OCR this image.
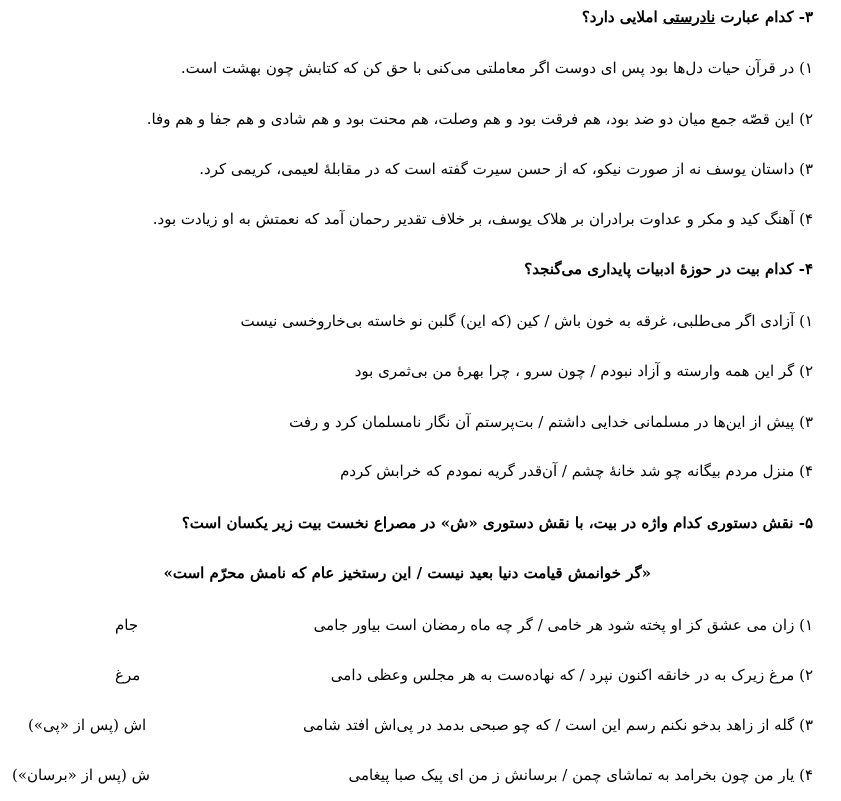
۳- کدام عبارت نادرستی املایی دارد؟
۱) در قرآن حیات دل‌ها بود پس ای دوست اگر معاملتی می‌کنی با حق کن که کتابش چون بهشت است.
۲) این قصّه جمع میان دو ضد بود، هم فرقت بود و هم وصلت، هم محنت بود و هم شادی و هم جفا و هم وفا.
۳) داستان یوسف نه از صورت نیکو، که از حسن سیرت گفته است که در مقابلهٔ لعیمی، کریمی کرد.
۴) آهنگ کید و مکر و عداوت برادران بر هلاک یوسف، بر خلاف تقدیر رحمان آمد که نعمتش به او زیادت بود.
۴- کدام بیت در حوزهٔ ادبیات پایداری می‌گنجد؟
۱) آزادی اگر می‌طلبی، غرقه به خون باش / کین (که این) گلبن نو خاسته بی‌خاروخسی نیست
۲) گر این همه وارسته و آزاد نبودم / چون سرو ، چرا بهرهٔ من بی‌ثمری بود
۳) پیش از این‌ها در مسلمانی خدایی داشتم / بت‌پرستم آن نگار نامسلمان کرد و رفت
۴) منزل مردم بیگانه چو شد خانهٔ چشم / آن‌قدر گریه نمودم که خرابش کردم
۵- نقش دستوری کدام واژه در بیت، با نقش دستوری «ش» در مصراع نخست بیت زیر یکسان است؟
«گر خوانمش قیامت دنیا بعید نیست / این رستخیز عام که نامش محرّم است»
۱) زان می عشق کز او پخته شود هر خامی / گر چه ماه رمضان است بیاور جامی
جام
۲) مرغ زیرک به در خانقه اکنون نپرد / که نهاده‌ست به هر مجلس وعظی دامی
مرغ
۳) گله از زاهد بدخو نکنم رسم این است / که چو صبحی بدمد در پی‌اش افتد شامی
اش (پس از «پی»)
۴) یار من چون بخرامد به تماشای چمن / برسانش ز من ای پیک صبا پیغامی
ش (پس از «برسان»)
